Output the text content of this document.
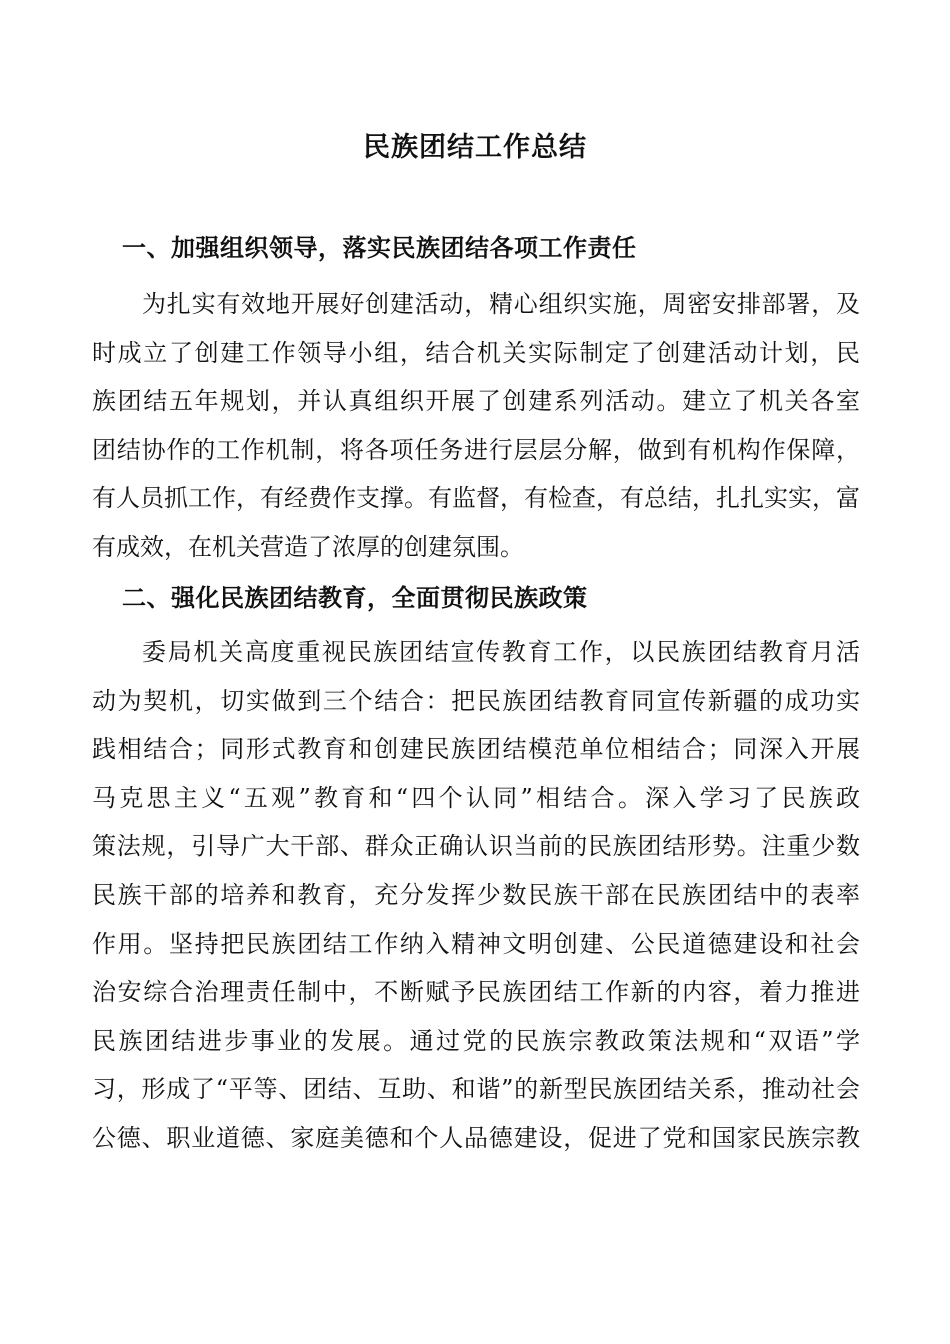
民族团结工作总结
一、加强组织领导，落实民族团结各项工作责任
为扎实有效地开展好创建活动，精心组织实施，周密安排部署，及
时成立了创建工作领导小组，结合机关实际制定了创建活动计划，民
族团结五年规划，并认真组织开展了创建系列活动。建立了机关各室
团结协作的工作机制，将各项任务进行层层分解，做到有机构作保障，
有人员抓工作，有经费作支撑。有监督，有检查，有总结，扎扎实实，富
有成效，在机关营造了浓厚的创建氛围。
二、强化民族团结教育，全面贯彻民族政策
委局机关高度重视民族团结宣传教育工作，以民族团结教育月活
动为契机，切实做到三个结合：把民族团结教育同宣传新疆的成功实
践相结合；同形式教育和创建民族团结模范单位相结合；同深入开展
马克思主义“五观”教育和“四个认同”相结合。深入学习了民族政
策法规，引导广大干部、群众正确认识当前的民族团结形势。注重少数
民族干部的培养和教育，充分发挥少数民族干部在民族团结中的表率
作用。坚持把民族团结工作纳入精神文明创建、公民道德建设和社会
治安综合治理责任制中，不断赋予民族团结工作新的内容，着力推进
民族团结进步事业的发展。通过党的民族宗教政策法规和“双语”学
习，形成了“平等、团结、互助、和谐”的新型民族团结关系，推动社会
公德、职业道德、家庭美德和个人品德建设，促进了党和国家民族宗教
